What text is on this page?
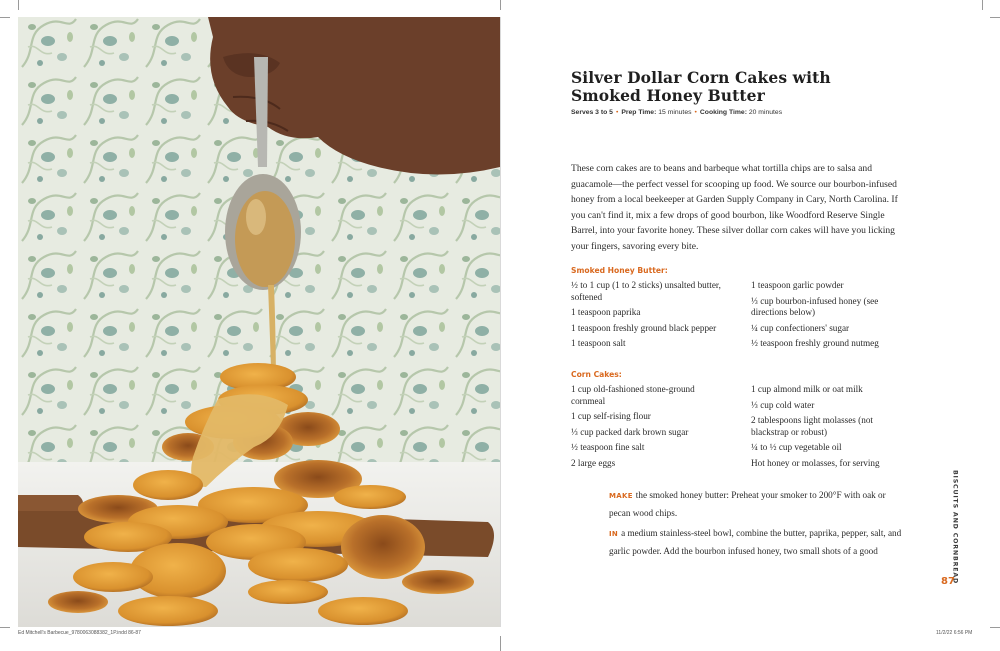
Silver Dollar Corn Cakes with Smoked Honey Butter
Serves 3 to 5 • Prep Time: 15 minutes • Cooking Time: 20 minutes

These corn cakes are to beans and barbeque what tortilla chips are to salsa and guacamole—the perfect vessel for scooping up food. We source our bourbon-infused honey from a local beekeeper at Garden Supply Company in Cary, North Carolina. If you can't find it, mix a few drops of good bourbon, like Woodford Reserve Single Barrel, into your favorite honey. These silver dollar corn cakes will have you licking your fingers, savoring every bite.

Smoked Honey Butter:
½ to 1 cup (1 to 2 sticks) unsalted butter, softened
1 teaspoon paprika
1 teaspoon freshly ground black pepper
1 teaspoon salt
1 teaspoon garlic powder
⅓ cup bourbon-infused honey (see directions below)
¼ cup confectioners' sugar
½ teaspoon freshly ground nutmeg
Corn Cakes:
1 cup old-fashioned stone-ground cornmeal
1 cup self-rising flour
⅓ cup packed dark brown sugar
½ teaspoon fine salt
2 large eggs
1 cup almond milk or oat milk
⅓ cup cold water
2 tablespoons light molasses (not blackstrap or robust)
¼ to ½ cup vegetable oil
Hot honey or molasses, for serving

MAKE the smoked honey butter: Preheat your smoker to 200°F with oak or pecan wood chips.

IN a medium stainless-steel bowl, combine the butter, paprika, pepper, salt, and garlic powder. Add the bourbon infused honey, two small shots of a good	BISCUITS AND CORNBREAD
87
Ed Mitchell's Barbecue_9780063088382_1P.indd 86-87	11/2/22 6:56 PM
